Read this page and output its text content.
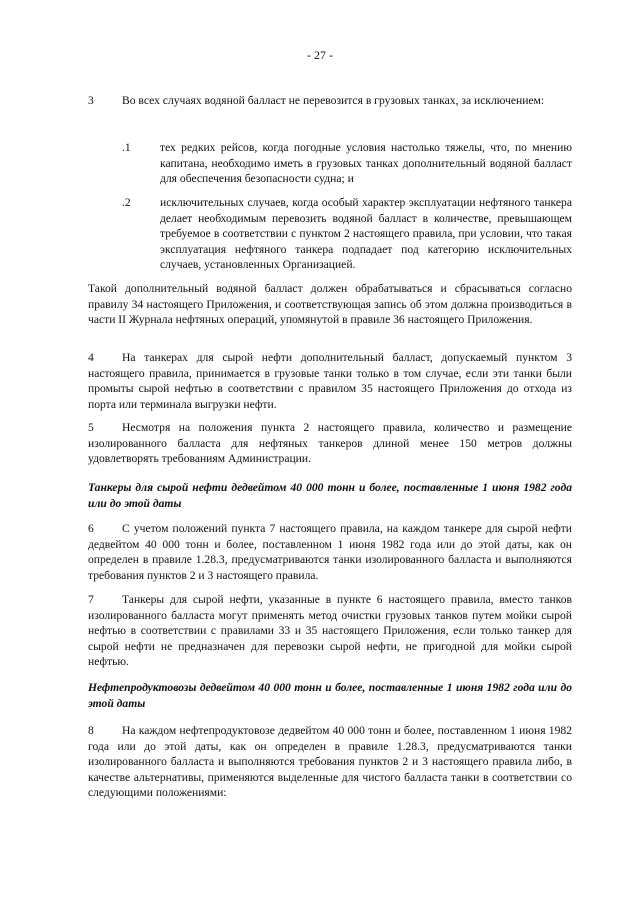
- 27 -

3 Во всех случаях водяной балласт не перевозится в грузовых танках, за исключением:

.1	тех редких рейсов, когда погодные условия настолько тяжелы, что, по мнению капитана, необходимо иметь в грузовых танках дополнительный водяной балласт для обеспечения безопасности судна; и

.2	исключительных случаев, когда особый характер эксплуатации нефтяного танкера делает необходимым перевозить водяной балласт в количестве, превышающем требуемое в соответствии с пунктом 2 настоящего правила, при условии, что такая эксплуатация нефтяного танкера подпадает под категорию исключительных случаев, установленных Организацией.

Такой дополнительный водяной балласт должен обрабатываться и сбрасываться согласно правилу 34 настоящего Приложения, и соответствующая запись об этом должна производиться в части II Журнала нефтяных операций, упомянутой в правиле 36 настоящего Приложения.

4 На танкерах для сырой нефти дополнительный балласт, допускаемый пунктом 3 настоящего правила, принимается в грузовые танки только в том случае, если эти танки были промыты сырой нефтью в соответствии с правилом 35 настоящего Приложения до отхода из порта или терминала выгрузки нефти.

5 Несмотря на положения пункта 2 настоящего правила, количество и размещение изолированного балласта для нефтяных танкеров длиной менее 150 метров должны удовлетворять требованиям Администрации.

Танкеры для сырой нефти дедвейтом 40 000 тонн и более, поставленные 1 июня 1982 года или до этой даты

6 С учетом положений пункта 7 настоящего правила, на каждом танкере для сырой нефти дедвейтом 40 000 тонн и более, поставленном 1 июня 1982 года или до этой даты, как он определен в правиле 1.28.3, предусматриваются танки изолированного балласта и выполняются требования пунктов 2 и 3 настоящего правила.

7 Танкеры для сырой нефти, указанные в пункте 6 настоящего правила, вместо танков изолированного балласта могут применять метод очистки грузовых танков путем мойки сырой нефтью в соответствии с правилами 33 и 35 настоящего Приложения, если только танкер для сырой нефти не предназначен для перевозки сырой нефти, не пригодной для мойки сырой нефтью.

Нефтепродуктовозы дедвейтом 40 000 тонн и более, поставленные 1 июня 1982 года или до этой даты

8 На каждом нефтепродуктовозе дедвейтом 40 000 тонн и более, поставленном 1 июня 1982 года или до этой даты, как он определен в правиле 1.28.3, предусматриваются танки изолированного балласта и выполняются требования пунктов 2 и 3 настоящего правила либо, в качестве альтернативы, применяются выделенные для чистого балласта танки в соответствии со следующими положениями:
